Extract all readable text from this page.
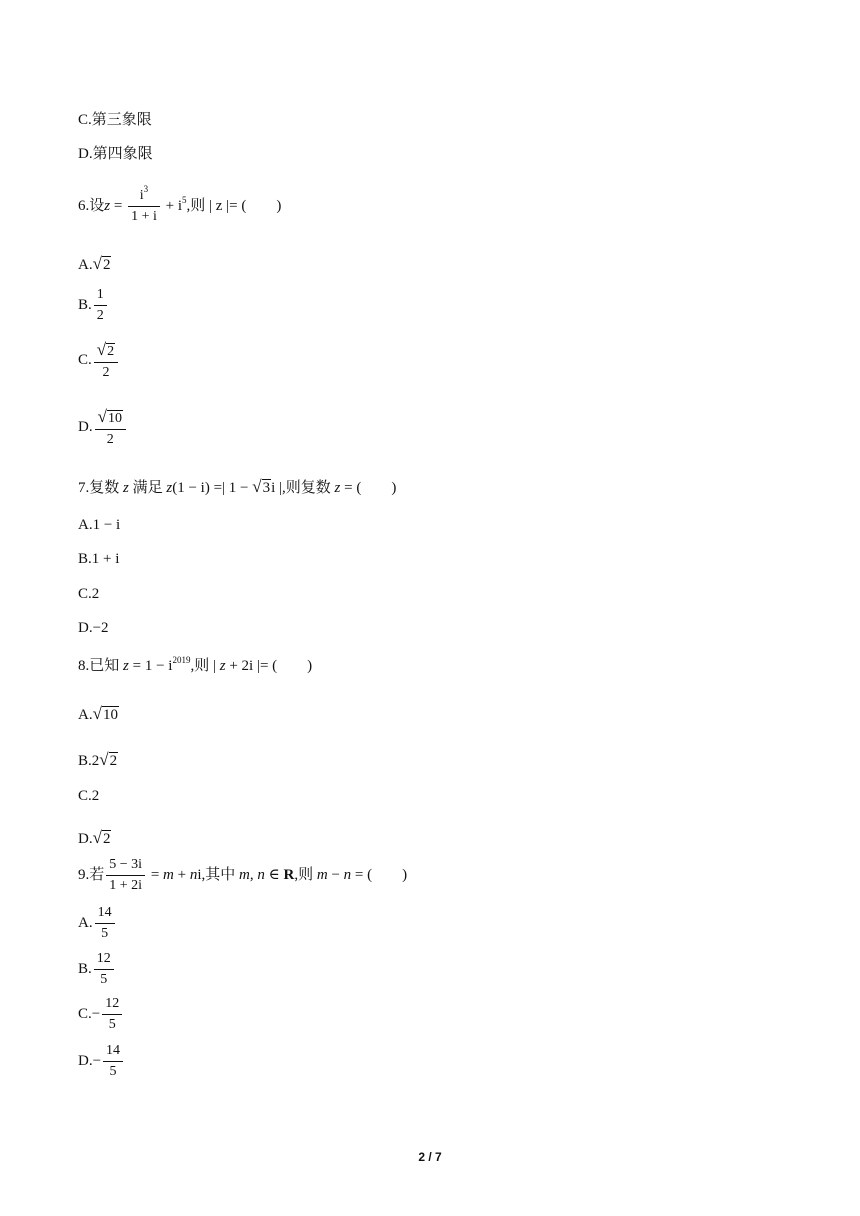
C.第三象限
D.第四象限
6.设$z = \frac{i^3}{1 + i} + i^5$,则 | z |= (　　)
A.√2
B. $\frac{1}{2}$
C. $\frac{√2}{2}$
D. $\frac{√10}{2}$
7.复数 z 满足 z(1 − i) =| 1 − √3i |,则复数 z = (　　)
A.1 − i
B.1 + i
C.2
D.−2
8.已知 $z = 1 - i^{2019}$,则 | z + 2i |= (　　)
A.√10
B.2√2
C.2
D.√2
9.若 $\frac{5 - 3i}{1 + 2i} = m$ + ni,其中 m, n ∈ R,则 m − n = (　　)
A. $\frac{14}{5}$
B. $\frac{12}{5}$
$C.- \frac{12}{5}$
$D.- \frac{14}{5}$
2 / 7
